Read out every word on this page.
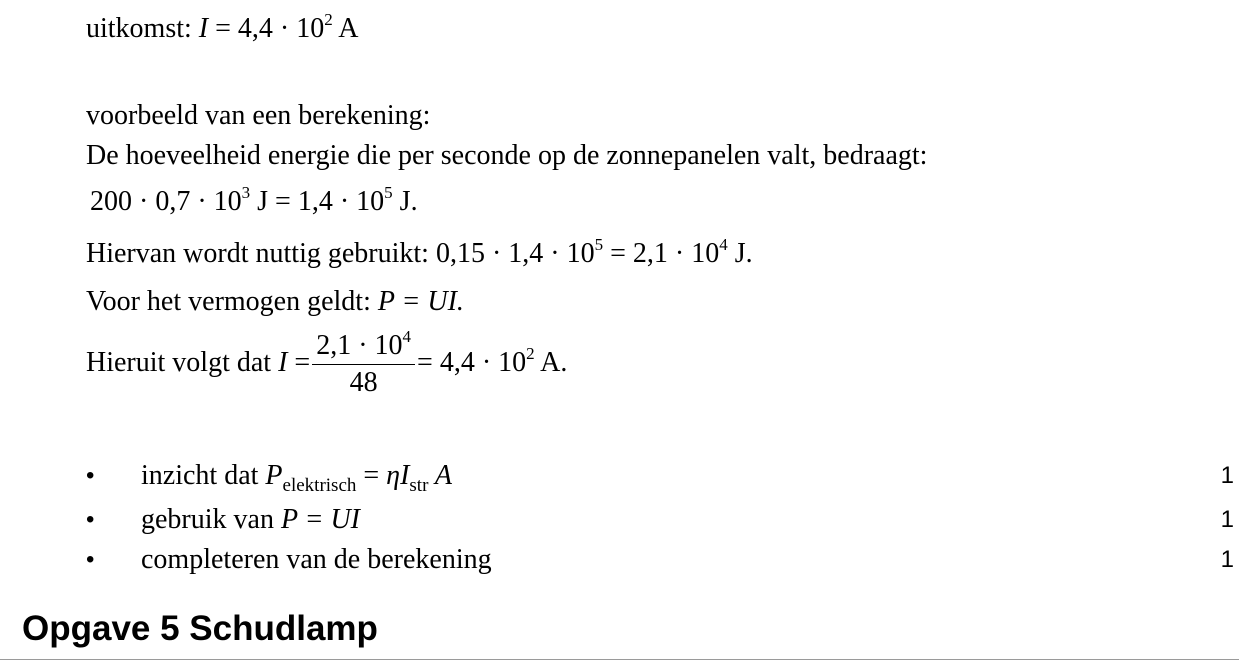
uitkomst: $I = 4,4 \cdot 10^2$ A
voorbeeld van een berekening:
De hoeveelheid energie die per seconde op de zonnepanelen valt, bedraagt:
$200 \cdot 0,7 \cdot 10^3$ $J = 1,4 \cdot 10^5$ J.
Hiervan wordt nuttig gebruikt: $0,15 \cdot 1,4 \cdot 10^5 = 2,1 \cdot 10^4$ J.
Voor het vermogen geldt: P = UI.
Hieruit volgt dat $I = \frac{2,1 \cdot 10^4}{48} = 4,4 \cdot 10^2$ A.
• inzicht dat $P_{elektrisch} = \eta I_{str}$ A	1
• gebruik van P = UI	1
• completeren van de berekening	1
Opgave 5 Schudlamp
